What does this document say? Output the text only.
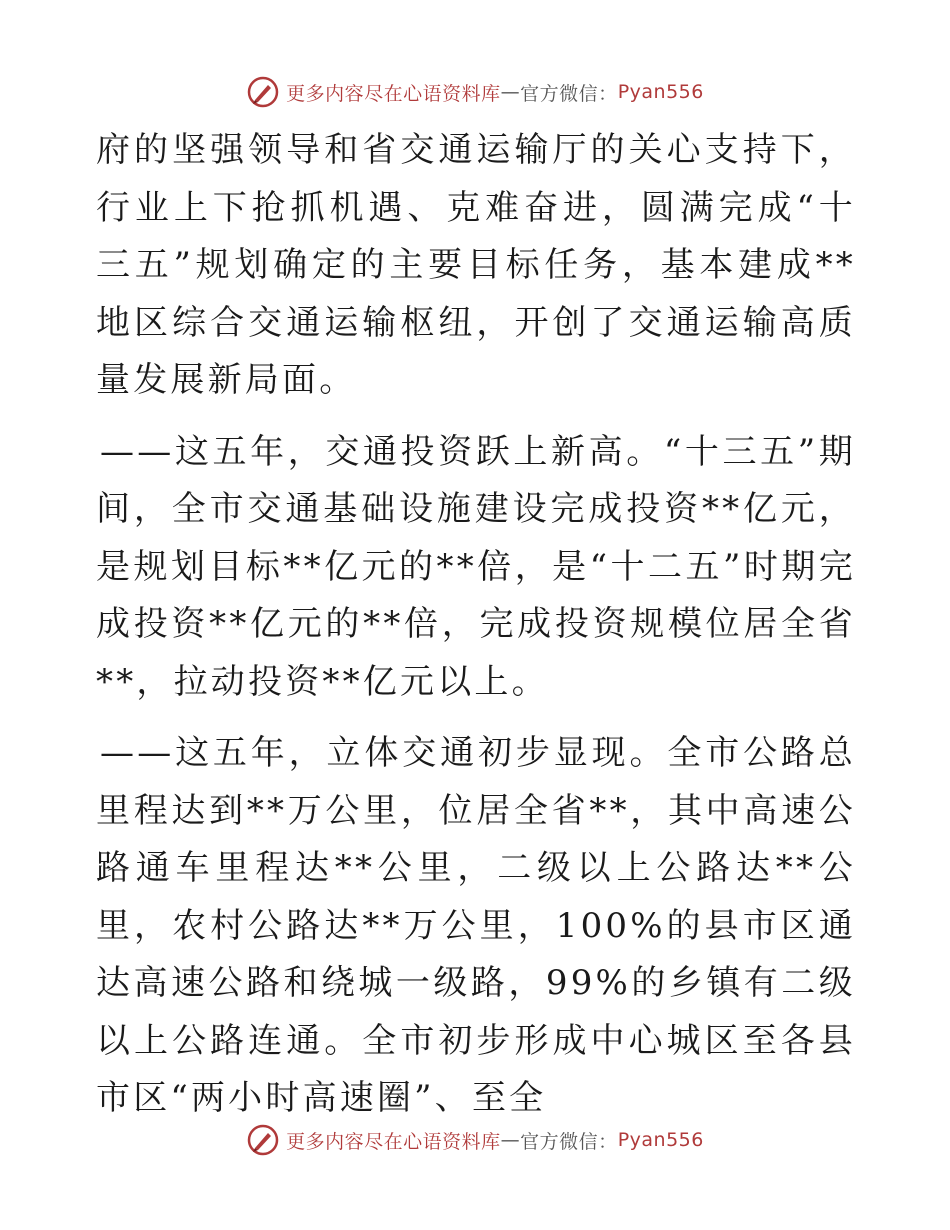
更多内容尽在心语资料库 — 官方微信： Pyan556

府的坚强领导和省交通运输厅的关心支持下，行业上下抢抓机遇、克难奋进，圆满完成“十三五”规划确定的主要目标任务，基本建成**地区综合交通运输枢纽，开创了交通运输高质量发展新局面。

——这五年，交通投资跃上新高。“十三五”期间，全市交通基础设施建设完成投资**亿元，是规划目标**亿元的**倍，是“十二五”时期完成投资**亿元的**倍，完成投资规模位居全省**，拉动投资**亿元以上。

——这五年，立体交通初步显现。全市公路总里程达到**万公里，位居全省**，其中高速公路通车里程达**公里，二级以上公路达**公里，农村公路达**万公里，100%的县市区通达高速公路和绕城一级路，99%的乡镇有二级以上公路连通。全市初步形成中心城区至各县市区“两小时高速圈”、至全

更多内容尽在心语资料库 — 官方微信： Pyan556
